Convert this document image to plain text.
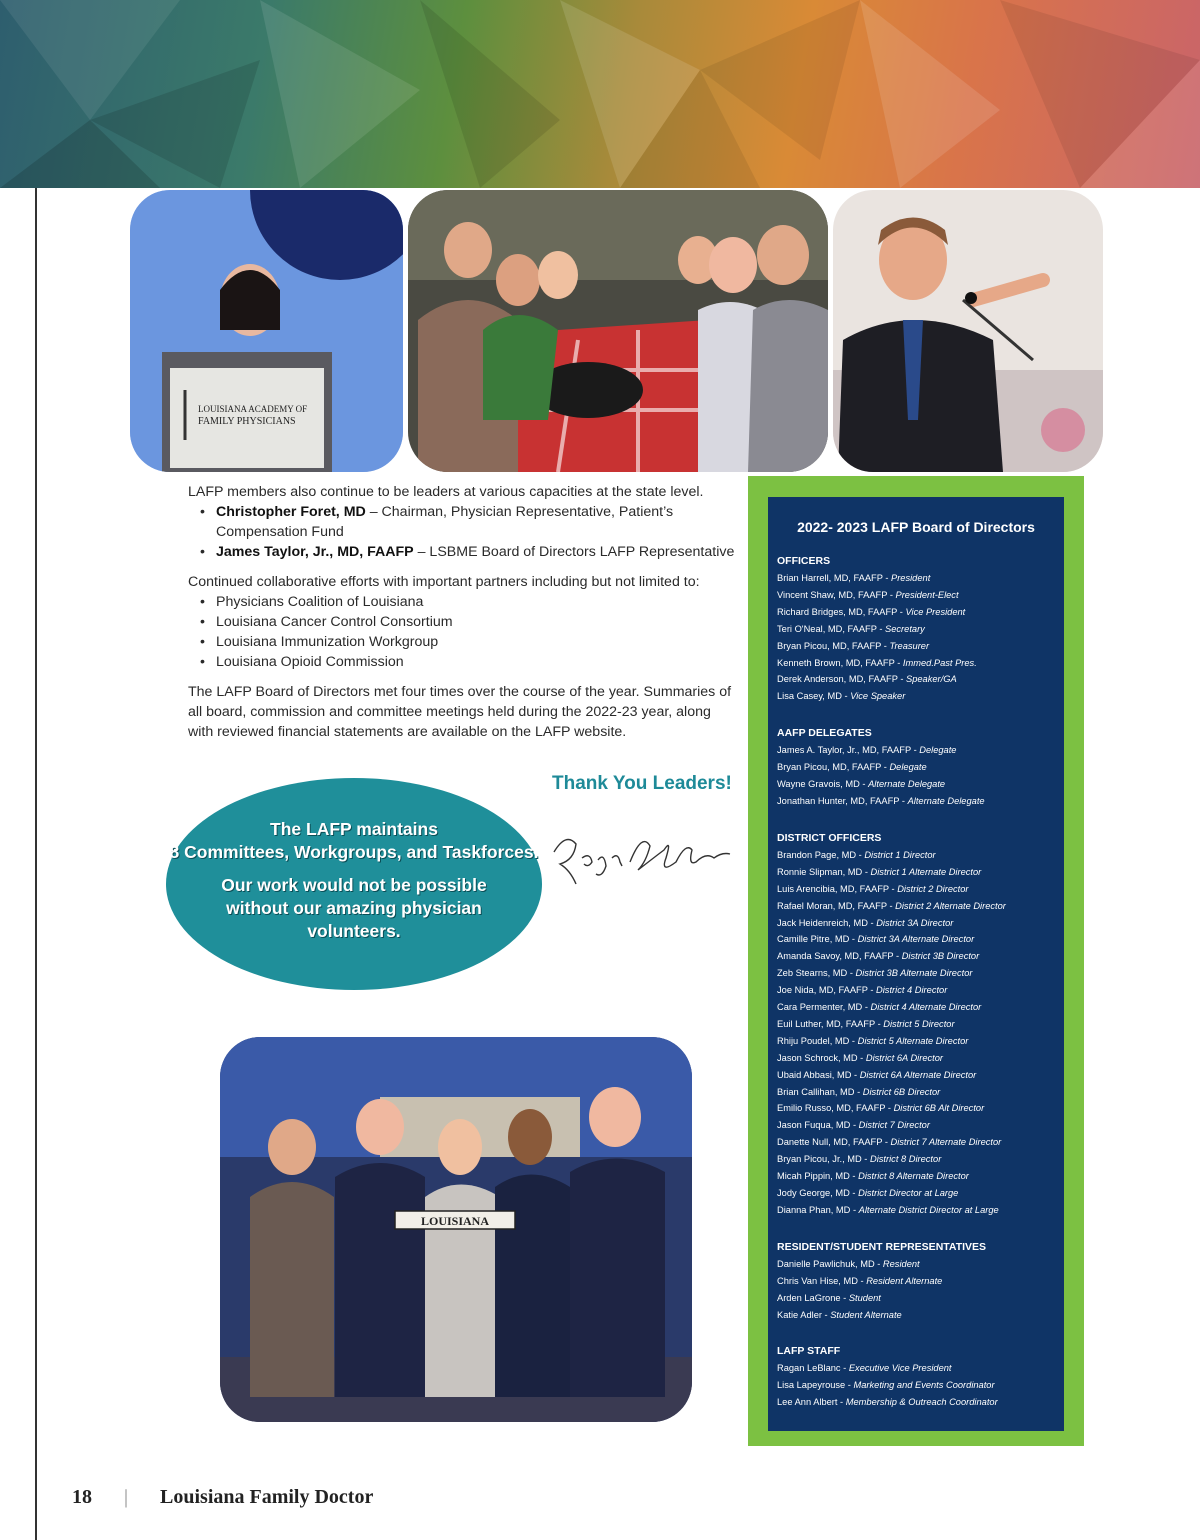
LOUISIANA ACADEMY OF
FAMILY PHYSICIANS

LAFP members also continue to be leaders at various capacities at the state level.

• Christopher Foret, MD – Chairman, Physician Representative, Patient’s Compensation Fund
• James Taylor, Jr., MD, FAAFP – LSBME Board of Directors LAFP Representative

Continued collaborative efforts with important partners including but not limited to:

• Physicians Coalition of Louisiana
• Louisiana Cancer Control Consortium
• Louisiana Immunization Workgroup
• Louisiana Opioid Commission

The LAFP Board of Directors met four times over the course of the year. Summaries of all board, commission and committee meetings held during the 2022-23 year, along with reviewed financial statements are available on the LAFP website.

Thank You Leaders!

The LAFP maintains
8 Committees, Workgroups, and Taskforces.

Our work would not be possible without our amazing physician volunteers.

LOUISIANA
2022- 2023 LAFP Board of Directors
OFFICERS
Brian Harrell, MD, FAAFP - President
Vincent Shaw, MD, FAAFP - President-Elect
Richard Bridges, MD, FAAFP - Vice President
Teri O'Neal, MD, FAAFP - Secretary
Bryan Picou, MD, FAAFP - Treasurer
Kenneth Brown, MD, FAAFP - Immed.Past Pres.
Derek Anderson, MD, FAAFP - Speaker/GA
Lisa Casey, MD - Vice Speaker
AAFP DELEGATES
James A. Taylor, Jr., MD, FAAFP - Delegate
Bryan Picou, MD, FAAFP - Delegate
Wayne Gravois, MD - Alternate Delegate
Jonathan Hunter, MD, FAAFP - Alternate Delegate
DISTRICT OFFICERS
Brandon Page, MD - District 1 Director
Ronnie Slipman, MD - District 1 Alternate Director
Luis Arencibia, MD, FAAFP - District 2 Director
Rafael Moran, MD, FAAFP - District 2 Alternate Director
Jack Heidenreich, MD - District 3A Director
Camille Pitre, MD - District 3A Alternate Director
Amanda Savoy, MD, FAAFP - District 3B Director
Zeb Stearns, MD - District 3B Alternate Director
Joe Nida, MD, FAAFP - District 4 Director
Cara Permenter, MD - District 4 Alternate Director
Euil Luther, MD, FAAFP - District 5 Director
Rhiju Poudel, MD - District 5 Alternate Director
Jason Schrock, MD - District 6A Director
Ubaid Abbasi, MD - District 6A Alternate Director
Brian Callihan, MD - District 6B Director
Emilio Russo, MD, FAAFP - District 6B Alt Director
Jason Fuqua, MD - District 7 Director
Danette Null, MD, FAAFP - District 7 Alternate Director
Bryan Picou, Jr., MD - District 8 Director
Micah Pippin, MD - District 8 Alternate Director
Jody George, MD - District Director at Large
Dianna Phan, MD - Alternate District Director at Large
RESIDENT/STUDENT REPRESENTATIVES
Danielle Pawlichuk, MD - Resident
Chris Van Hise, MD - Resident Alternate
Arden LaGrone - Student
Katie Adler - Student Alternate
LAFP STAFF
Ragan LeBlanc - Executive Vice President
Lisa Lapeyrouse - Marketing and Events Coordinator
Lee Ann Albert - Membership & Outreach Coordinator
18 | Louisiana Family Doctor
